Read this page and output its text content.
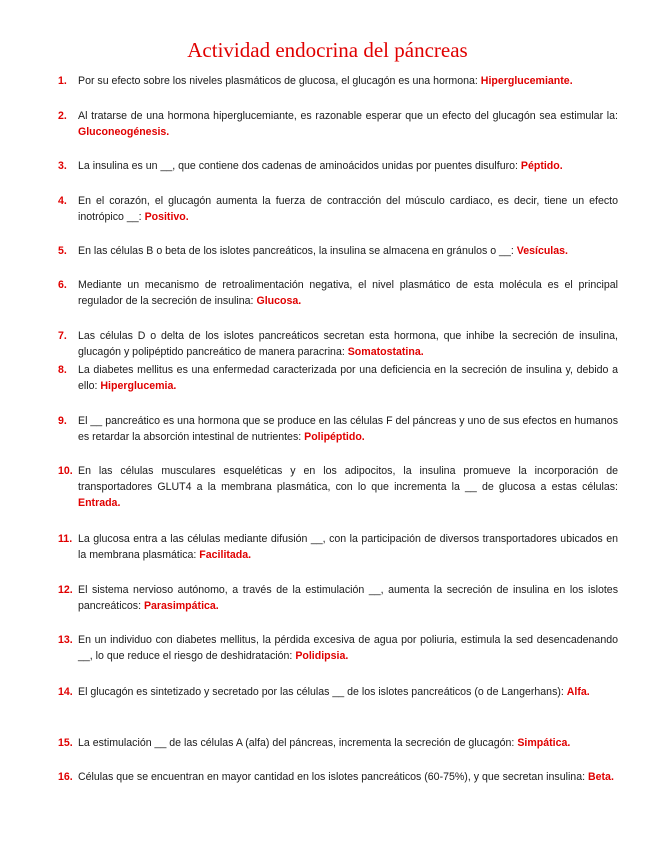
Actividad endocrina del páncreas
1. Por su efecto sobre los niveles plasmáticos de glucosa, el glucagón es una hormona: Hiperglucemiante.
2. Al tratarse de una hormona hiperglucemiante, es razonable esperar que un efecto del glucagón sea estimular la: Gluconeogénesis.
3. La insulina es un __, que contiene dos cadenas de aminoácidos unidas por puentes disulfuro: Péptido.
4. En el corazón, el glucagón aumenta la fuerza de contracción del músculo cardiaco, es decir, tiene un efecto inotrópico __: Positivo.
5. En las células B o beta de los islotes pancreáticos, la insulina se almacena en gránulos o __: Vesículas.
6. Mediante un mecanismo de retroalimentación negativa, el nivel plasmático de esta molécula es el principal regulador de la secreción de insulina: Glucosa.
7. Las células D o delta de los islotes pancreáticos secretan esta hormona, que inhibe la secreción de insulina, glucagón y polipéptido pancreático de manera paracrina: Somatostatina.
8. La diabetes mellitus es una enfermedad caracterizada por una deficiencia en la secreción de insulina y, debido a ello: Hiperglucemia.
9. El __ pancreático es una hormona que se produce en las células F del páncreas y uno de sus efectos en humanos es retardar la absorción intestinal de nutrientes: Polipéptido.
10. En las células musculares esqueléticas y en los adipocitos, la insulina promueve la incorporación de transportadores GLUT4 a la membrana plasmática, con lo que incrementa la __ de glucosa a estas células: Entrada.
11. La glucosa entra a las células mediante difusión __, con la participación de diversos transportadores ubicados en la membrana plasmática: Facilitada.
12. El sistema nervioso autónomo, a través de la estimulación __, aumenta la secreción de insulina en los islotes pancreáticos: Parasimpática.
13. En un individuo con diabetes mellitus, la pérdida excesiva de agua por poliuria, estimula la sed desencadenando __, lo que reduce el riesgo de deshidratación: Polidipsia.
14. El glucagón es sintetizado y secretado por las células __ de los islotes pancreáticos (o de Langerhans): Alfa.
15. La estimulación __ de las células A (alfa) del páncreas, incrementa la secreción de glucagón: Simpática.
16. Células que se encuentran en mayor cantidad en los islotes pancreáticos (60-75%), y que secretan insulina: Beta.
